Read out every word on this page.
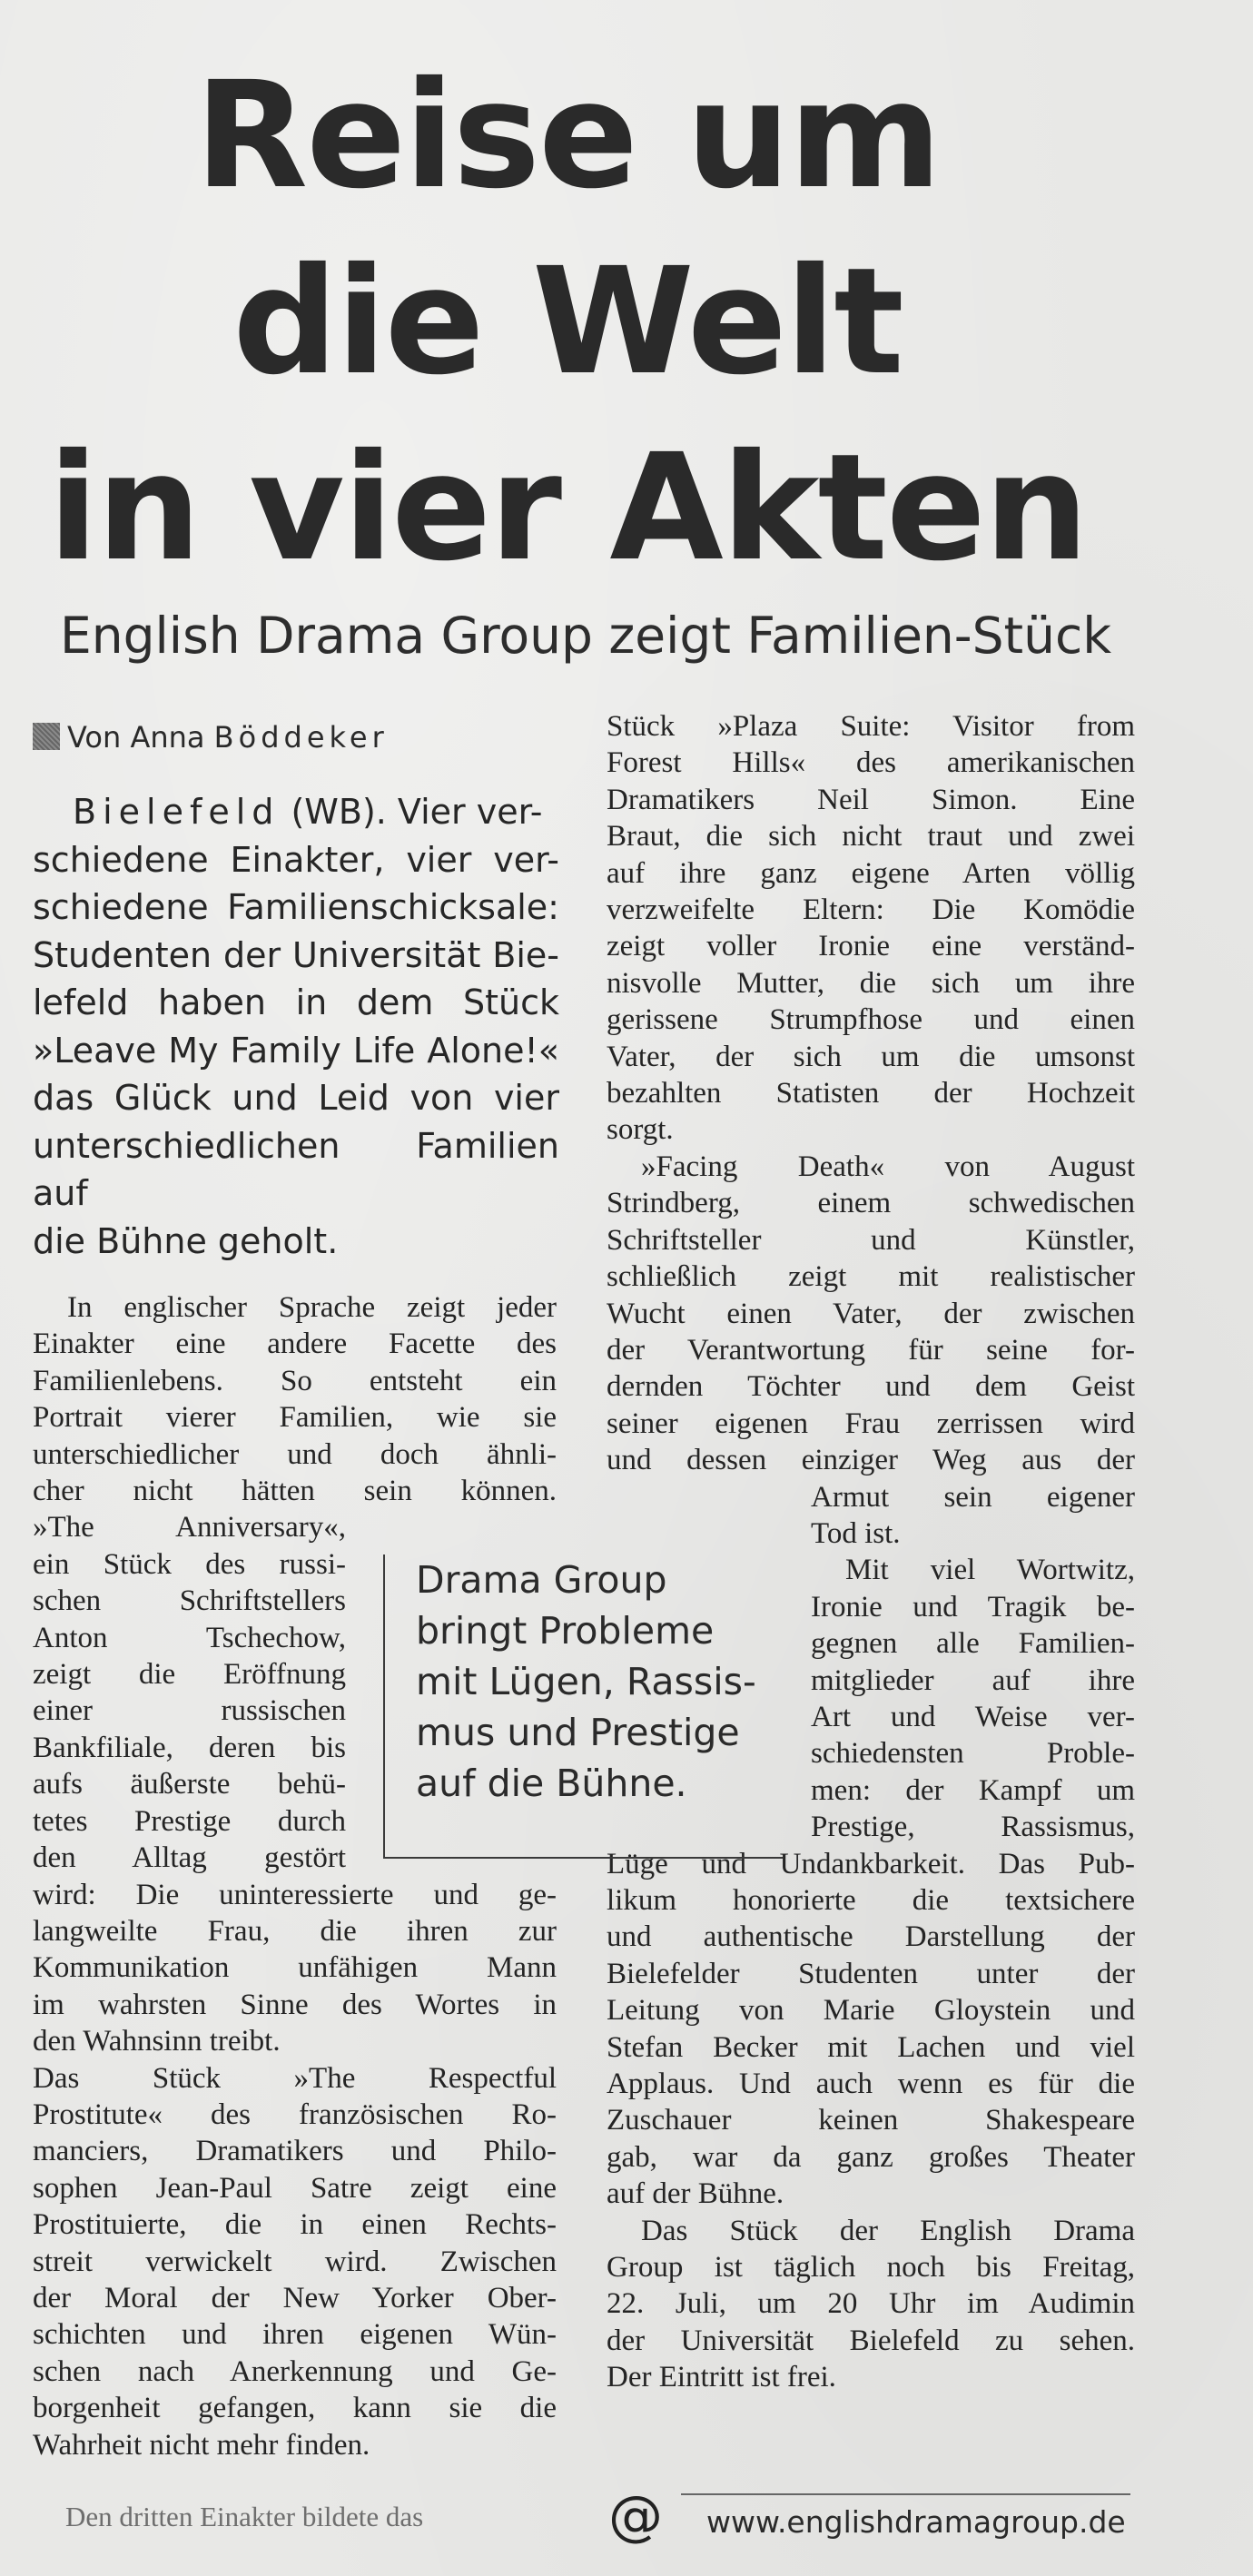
Reise um
die Welt
in vier Akten
English Drama Group zeigt Familien-Stück
Von Anna Böddeker
Bielefeld (WB). Vier ver-
schiedene Einakter, vier ver-
schiedene Familienschicksale:
Studenten der Universität Bie-
lefeld haben in dem Stück
»Leave My Family Life Alone!«
das Glück und Leid von vier
unterschiedlichen Familien auf
die Bühne geholt.
In englischer Sprache zeigt jeder
Einakter eine andere Facette des
Familienlebens. So entsteht ein
Portrait vierer Familien, wie sie
unterschiedlicher und doch ähnli-
cher nicht hätten sein können.
»The Anniversary«,
ein Stück des russi-
schen Schriftstellers
Anton Tschechow,
zeigt die Eröffnung
einer russischen
Bankfiliale, deren bis
aufs äußerste behü-
tetes Prestige durch
den Alltag gestört
wird: Die uninteressierte und ge-
langweilte Frau, die ihren zur
Kommunikation unfähigen Mann
im wahrsten Sinne des Wortes in
den Wahnsinn treibt.
Das Stück »The Respectful
Prostitute« des französischen Ro-
manciers, Dramatikers und Philo-
sophen Jean-Paul Satre zeigt eine
Prostituierte, die in einen Rechts-
streit verwickelt wird. Zwischen
der Moral der New Yorker Ober-
schichten und ihren eigenen Wün-
schen nach Anerkennung und Ge-
borgenheit gefangen, kann sie die
Wahrheit nicht mehr finden.
Stück »Plaza Suite: Visitor from
Forest Hills« des amerikanischen
Dramatikers Neil Simon. Eine
Braut, die sich nicht traut und zwei
auf ihre ganz eigene Arten völlig
verzweifelte Eltern: Die Komödie
zeigt voller Ironie eine verständ-
nisvolle Mutter, die sich um ihre
gerissene Strumpfhose und einen
Vater, der sich um die umsonst
bezahlten Statisten der Hochzeit
sorgt.
»Facing Death« von August
Strindberg, einem schwedischen
Schriftsteller und Künstler,
schließlich zeigt mit realistischer
Wucht einen Vater, der zwischen
der Verantwortung für seine for-
dernden Töchter und dem Geist
seiner eigenen Frau zerrissen wird
und dessen einziger Weg aus der
Armut sein eigener
Tod ist.
Mit viel Wortwitz,
Ironie und Tragik be-
gegnen alle Familien-
mitglieder auf ihre
Art und Weise ver-
schiedensten Proble-
men: der Kampf um
Prestige, Rassismus,
Lüge und Undankbarkeit. Das Pub-
likum honorierte die textsichere
und authentische Darstellung der
Bielefelder Studenten unter der
Leitung von Marie Gloystein und
Stefan Becker mit Lachen und viel
Applaus. Und auch wenn es für die
Zuschauer keinen Shakespeare
gab, war da ganz großes Theater
auf der Bühne.
Das Stück der English Drama
Group ist täglich noch bis Freitag,
22. Juli, um 20 Uhr im Audimin
der Universität Bielefeld zu sehen.
Der Eintritt ist frei.
Drama Group
bringt Probleme
mit Lügen, Rassis-
mus und Prestige
auf die Bühne.
Den dritten Einakter bildete das	@ www.englishdramagroup.de
